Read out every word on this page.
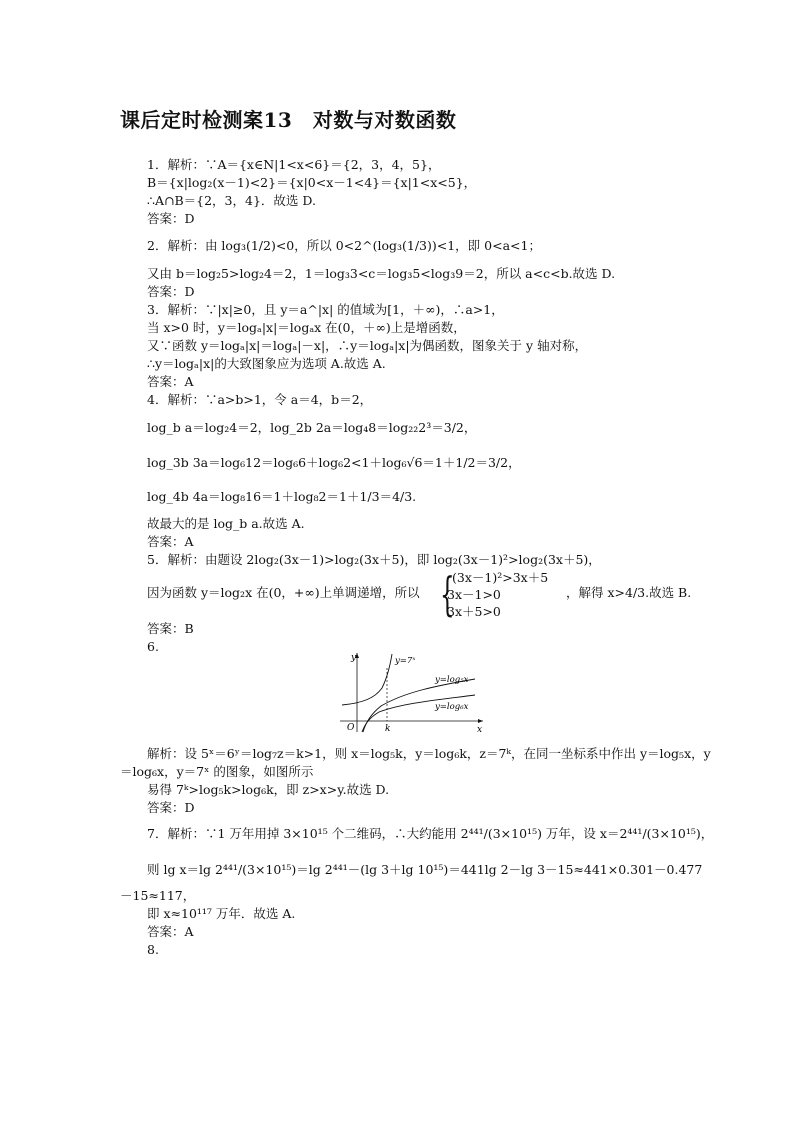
课后定时检测案13　对数与对数函数
1．解析：∵A＝{x∈N|1<x<6}＝{2，3，4，5}，
B＝{x|log₂(x－1)<2}＝{x|0<x－1<4}＝{x|1<x<5}，
∴A∩B＝{2，3，4}．故选 D.
答案：D
2．解析：由 log₃(1/2)<0，所以 0<2^(log₃(1/3))<1，即 0<a<1；
又由 b＝log₂5>log₂4＝2，1＝log₃3<c＝log₃5<log₃9＝2，所以 a<c<b.故选 D.
答案：D
3．解析：∵|x|≥0，且 y＝a^|x| 的值域为[1，＋∞)，∴a>1，
当 x>0 时，y＝logₐ|x|＝logₐx 在(0，＋∞)上是增函数，
又∵函数 y＝logₐ|x|＝logₐ|－x|，∴y＝logₐ|x|为偶函数，图象关于 y 轴对称，
∴y＝logₐ|x|的大致图象应为选项 A.故选 A.
答案：A
4．解析：∵a>b>1，令 a＝4，b＝2，
log_b a＝log₂4＝2，log_2b 2a＝log₄8＝log₂₂2³＝3/2，
log_3b 3a＝log₆12＝log₆6＋log₆2<1＋log₆√6＝1＋1/2＝3/2，
log_4b 4a＝log₈16＝1＋log₈2＝1＋1/3＝4/3.
故最大的是 log_b a.故选 A.
答案：A
5．解析：由题设 2log₂(3x－1)>log₂(3x＋5)，即 log₂(3x－1)²>log₂(3x＋5)，
因为函数 y＝log₂x 在(0，+∞)上单调递增，所以 {
(3x－1)²>3x＋5
3x－1>0
3x＋5>0
，解得 x>4/3.故选 B.
答案：B
6.
y
x
O	k
y=7ˣ
y=log₅x
y=log₆x
解析：设 5ˣ＝6ʸ＝log₇z＝k>1，则 x＝log₅k，y＝log₆k，z＝7ᵏ，在同一坐标系中作出 y＝log₅x，y
＝log₆x，y＝7ˣ 的图象，如图所示
易得 7ᵏ>log₅k>log₆k，即 z>x>y.故选 D.
答案：D
7．解析：∵1 万年用掉 3×10¹⁵ 个二维码，∴大约能用 2⁴⁴¹/(3×10¹⁵) 万年，设 x＝2⁴⁴¹/(3×10¹⁵)，
则 lg x＝lg 2⁴⁴¹/(3×10¹⁵)＝lg 2⁴⁴¹－(lg 3＋lg 10¹⁵)＝441lg 2－lg 3－15≈441×0.301－0.477
－15≈117，
即 x≈10¹¹⁷ 万年．故选 A.
答案：A
8.
